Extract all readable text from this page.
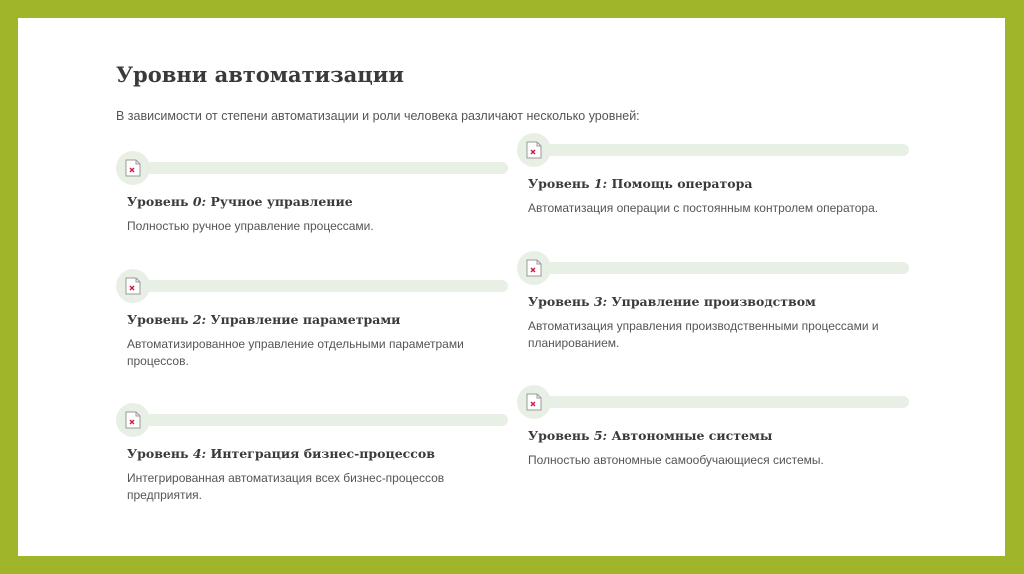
Уровни автоматизации
В зависимости от степени автоматизации и роли человека различают несколько уровней:
Уровень 0: Ручное управление
Полностью ручное управление процессами.
Уровень 1: Помощь оператора
Автоматизация операции с постоянным контролем оператора.
Уровень 2: Управление параметрами
Автоматизированное управление отдельными параметрами процессов.
Уровень 3: Управление производством
Автоматизация управления производственными процессами и планированием.
Уровень 4: Интеграция бизнес-процессов
Интегрированная автоматизация всех бизнес-процессов предприятия.
Уровень 5: Автономные системы
Полностью автономные самообучающиеся системы.
